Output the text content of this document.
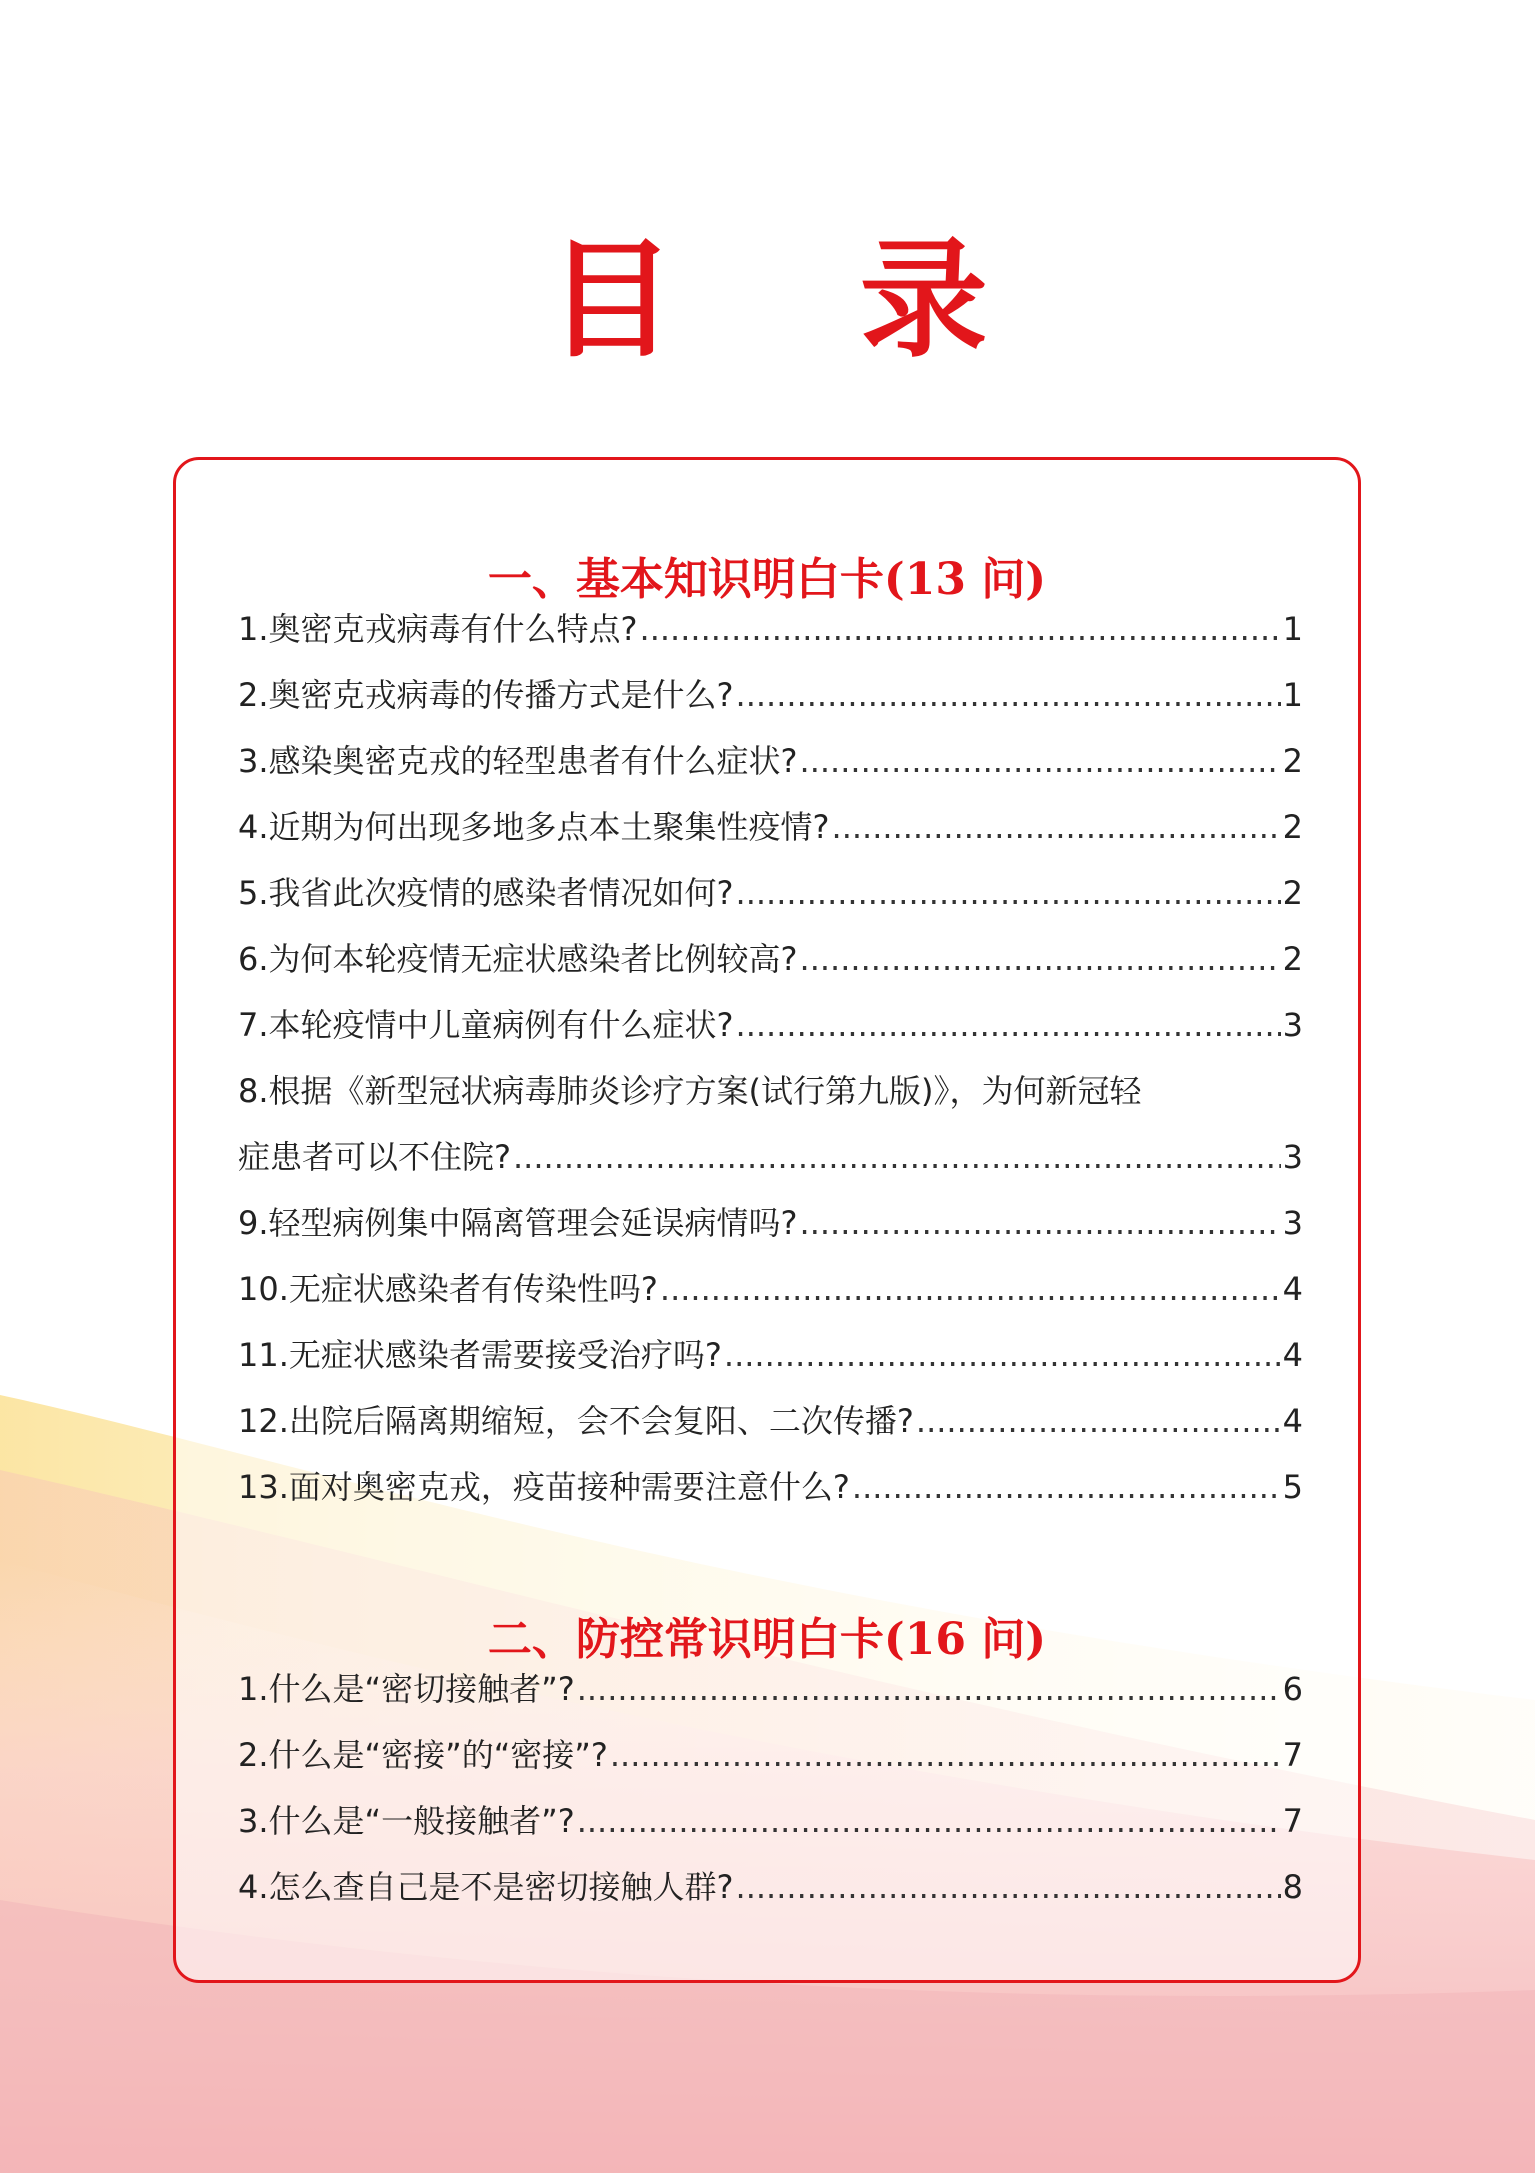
目 录
一、基本知识明白卡(13 问)
1.奥密克戎病毒有什么特点? .....	1
2.奥密克戎病毒的传播方式是什么? .....	1
3.感染奥密克戎的轻型患者有什么症状? .....	2
4.近期为何出现多地多点本土聚集性疫情? .....	2
5.我省此次疫情的感染者情况如何? .....	2
6.为何本轮疫情无症状感染者比例较高? .....	2
7.本轮疫情中儿童病例有什么症状? .....	3
8.根据《新型冠状病毒肺炎诊疗方案(试行第九版)》，为何新冠轻
症患者可以不住院? .....	3
9.轻型病例集中隔离管理会延误病情吗? .....	3
10.无症状感染者有传染性吗? .....	4
11.无症状感染者需要接受治疗吗? .....	4
12.出院后隔离期缩短，会不会复阳、二次传播? .....	4
13.面对奥密克戎，疫苗接种需要注意什么? .....	5
二、防控常识明白卡(16 问)
1.什么是“密切接触者”? .....	6
2.什么是“密接”的“密接”? .....	7
3.什么是“一般接触者”? .....	7
4.怎么查自己是不是密切接触人群? .....	8
